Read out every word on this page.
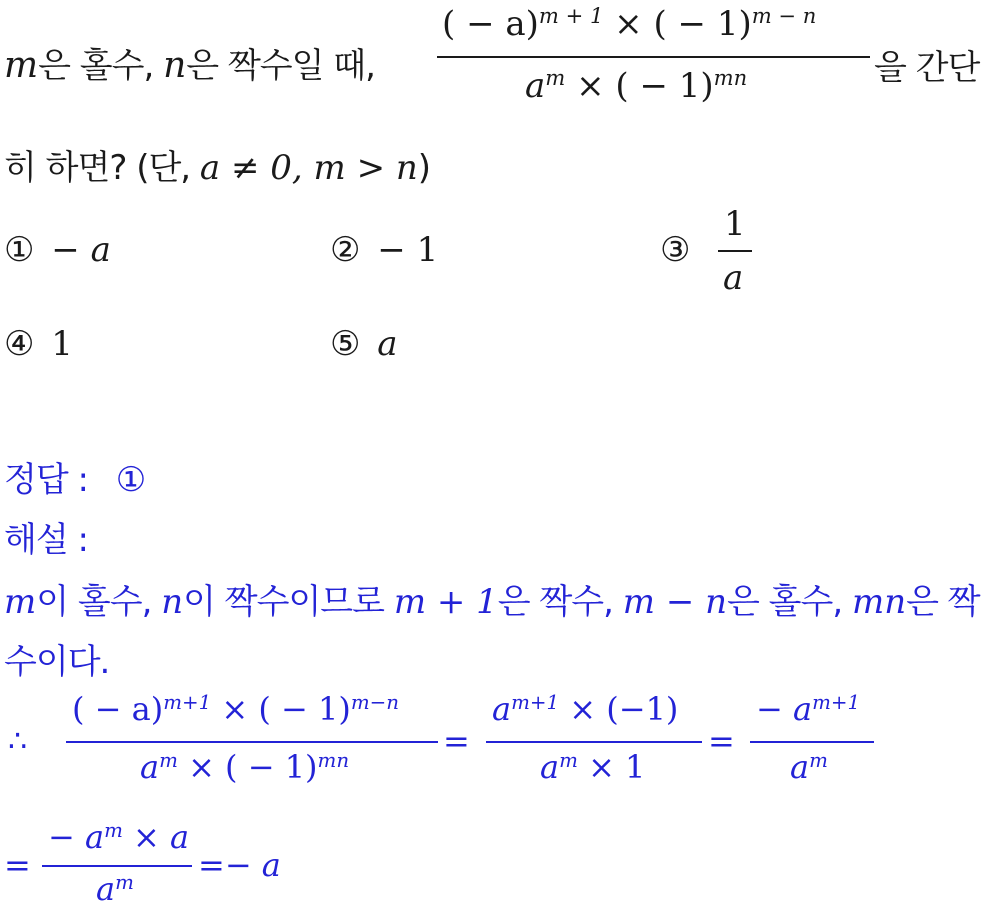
m은 홀수, n은 짝수일 때,
( − a)$^{m + 1}$ × ( − 1)$^{m - n}$
$a^m$ × ( − 1)$^{mn}$	을 간단
히 하면? (단, a ≠ 0, m > n)
① − a	② − 1	③
1
a
④ 1	⑤ a
정답 : ①
해설 :
m이 홀수, n이 짝수이므로 m + 1은 짝수, m − n은 홀수, mn은 짝
수이다.
∴
( − a)$^{m+1}$ × ( − 1)$^{m-n}$
$a^m$ × ( − 1)$^{mn}$
=
$a^{m+1} \times (-1)$
$a^m \times 1$
=
− $a^{m+1}$
$a^m$
=
− $a^m \times a$
$a^m =- a$
